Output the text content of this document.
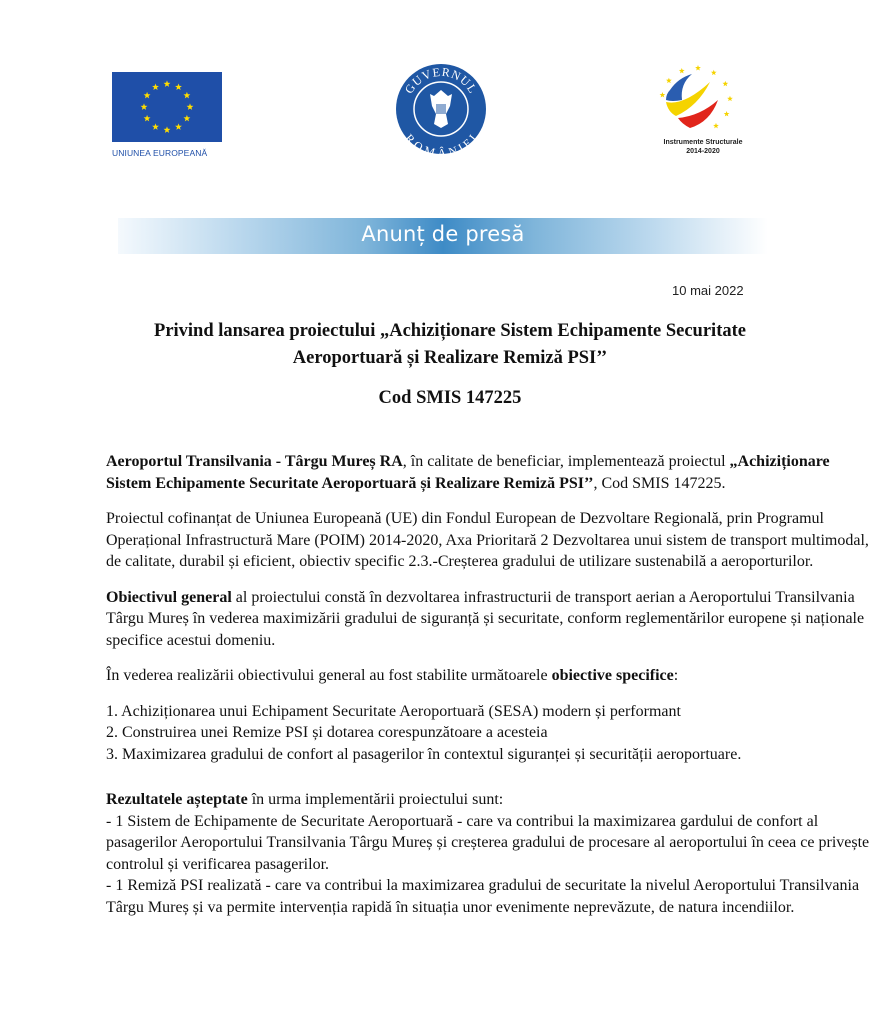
UNIUNEA EUROPEANĂ
GUVERNUL
ROMÂNIEI	Instrumente Structurale
2014-2020
Anunț de presă
10 mai 2022
Privind lansarea proiectului „Achiziționare Sistem Echipamente Securitate
Aeroportuară și Realizare Remiză PSI’’
Cod SMIS 147225

Aeroportul Transilvania - Târgu Mureș RA, în calitate de beneficiar, implementează proiectul „Achiziționare Sistem Echipamente Securitate Aeroportuară și Realizare Remiză PSI’’, Cod SMIS 147225.

Proiectul cofinanțat de Uniunea Europeană (UE) din Fondul European de Dezvoltare Regională, prin Programul Operațional Infrastructură Mare (POIM) 2014-2020, Axa Prioritară 2 Dezvoltarea unui sistem de transport multimodal, de calitate, durabil și eficient, obiectiv specific 2.3.-Creșterea gradului de utilizare sustenabilă a aeroporturilor.

Obiectivul general al proiectului constă în dezvoltarea infrastructurii de transport aerian a Aeroportului Transilvania Târgu Mureș în vederea maximizării gradului de siguranță și securitate, conform reglementărilor europene și naționale specifice acestui domeniu.

În vederea realizării obiectivului general au fost stabilite următoarele obiective specifice:

1. Achiziționarea unui Echipament Securitate Aeroportuară (SESA) modern și performant
2. Construirea unei Remize PSI și dotarea corespunzătoare a acesteia
3. Maximizarea gradului de confort al pasagerilor în contextul siguranței și securității aeroportuare.
Rezultatele așteptate în urma implementării proiectului sunt:
- 1 Sistem de Echipamente de Securitate Aeroportuară - care va contribui la maximizarea gardului de confort al pasagerilor Aeroportului Transilvania Târgu Mureș și creșterea gradului de procesare al aeroportului în ceea ce privește controlul și verificarea pasagerilor.
- 1 Remiză PSI realizată - care va contribui la maximizarea gradului de securitate la nivelul Aeroportului Transilvania Târgu Mureș și va permite intervenția rapidă în situația unor evenimente neprevăzute, de natura incendiilor.
